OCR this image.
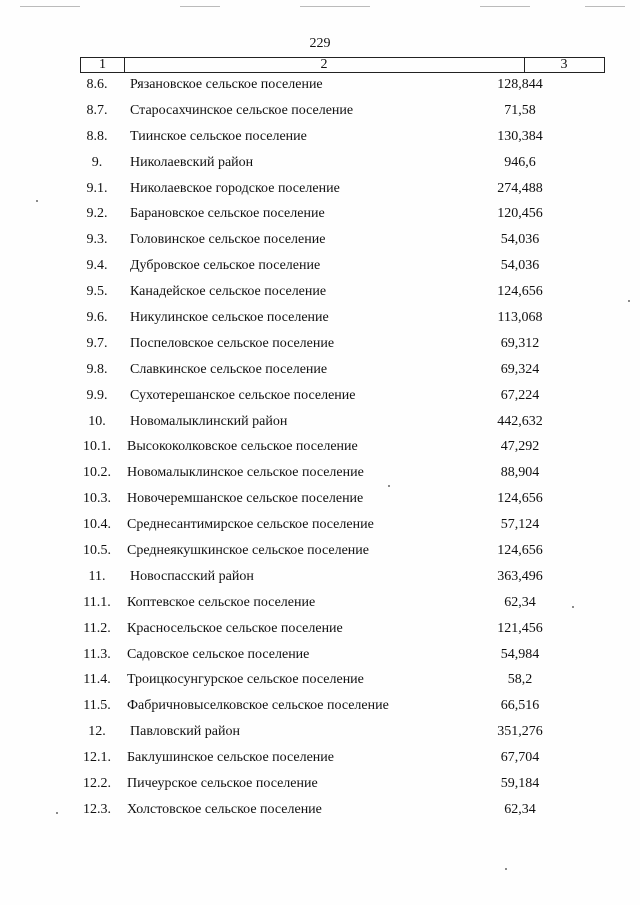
229
1	2	3
8.6.	Рязановское сельское поселение	128,844
8.7.	Старосахчинское сельское поселение	71,58
8.8.	Тиинское сельское поселение	130,384
9.	Николаевский район	946,6
9.1.	Николаевское городское поселение	274,488
9.2.	Барановское сельское поселение	120,456
9.3.	Головинское сельское поселение	54,036
9.4.	Дубровское сельское поселение	54,036
9.5.	Канадейское сельское поселение	124,656
9.6.	Никулинское сельское поселение	113,068
9.7.	Поспеловское сельское поселение	69,312
9.8.	Славкинское сельское поселение	69,324
9.9.	Сухотерешанское сельское поселение	67,224
10.	Новомалыклинский район	442,632
10.1.	Высококолковское сельское поселение	47,292
10.2.	Новомалыклинское сельское поселение	88,904
10.3.	Новочеремшанское сельское поселение	124,656
10.4.	Среднесантимирское сельское поселение	57,124
10.5.	Среднеякушкинское сельское поселение	124,656
11.	Новоспасский район	363,496
11.1.	Коптевское сельское поселение	62,34
11.2.	Красносельское сельское поселение	121,456
11.3.	Садовское сельское поселение	54,984
11.4.	Троицкосунгурское сельское поселение	58,2
11.5.	Фабричновыселковское сельское поселение	66,516
12.	Павловский район	351,276
12.1.	Баклушинское сельское поселение	67,704
12.2.	Пичеурское сельское поселение	59,184
12.3.	Холстовское сельское поселение	62,34
